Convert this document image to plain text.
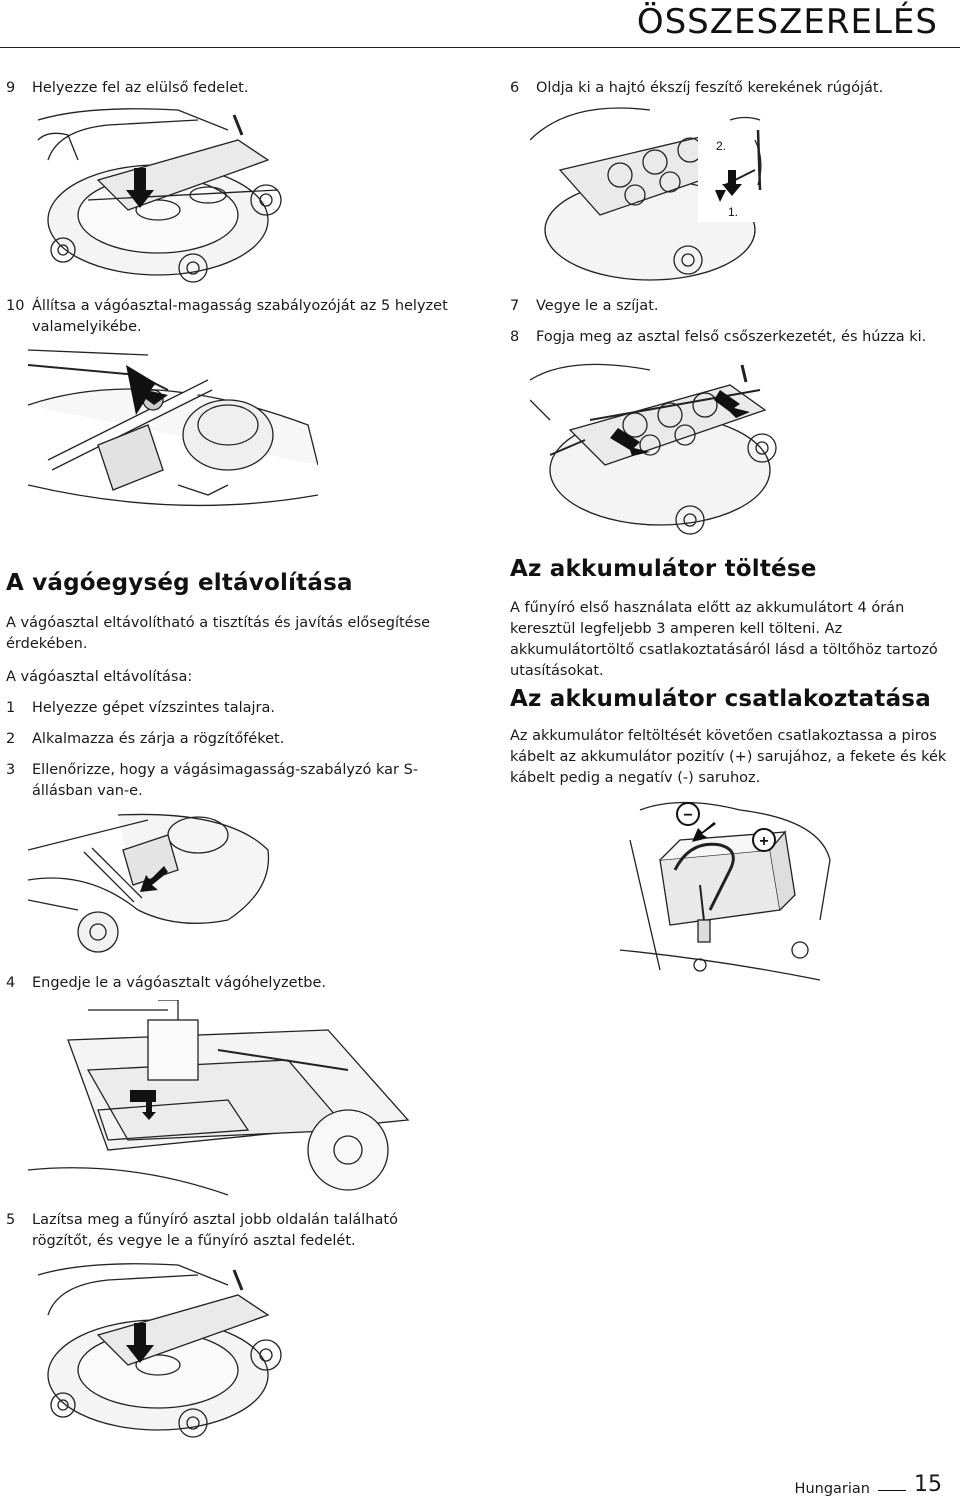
ÖSSZESZERELÉS
9	Helyezze fel az elülső fedelet.
10 Állítsa a vágóasztal-magasság szabályozóját az 5 helyzet valamelyikébe.
A vágóegység eltávolítása
A vágóasztal eltávolítható a tisztítás és javítás elősegítése érdekében.
A vágóasztal eltávolítása:
1	Helyezze gépet vízszintes talajra.
2	Alkalmazza és zárja a rögzítőféket.
3	Ellenőrizze, hogy a vágásimagasság-szabályzó kar S-állásban van-e.
4	Engedje le a vágóasztalt vágóhelyzetbe.
5	Lazítsa meg a fűnyíró asztal jobb oldalán található rögzítőt, és vegye le a fűnyíró asztal fedelét.
6	Oldja ki a hajtó ékszíj feszítő kerekének rúgóját.
2.
1.
7	Vegye le a szíjat.
8	Fogja meg az asztal felső csőszerkezetét, és húzza ki.
Az akkumulátor töltése
A fűnyíró első használata előtt az akkumulátort 4 órán keresztül legfeljebb 3 amperen kell tölteni. Az akkumulátortöltő csatlakoztatásáról lásd a töltőhöz tartozó utasításokat.
Az akkumulátor csatlakoztatása
Az akkumulátor feltöltését követően csatlakoztassa a piros kábelt az akkumulátor pozitív (+) sarujához, a fekete és kék kábelt pedig a negatív (-) saruhoz.
−
+
Hungarian 15
